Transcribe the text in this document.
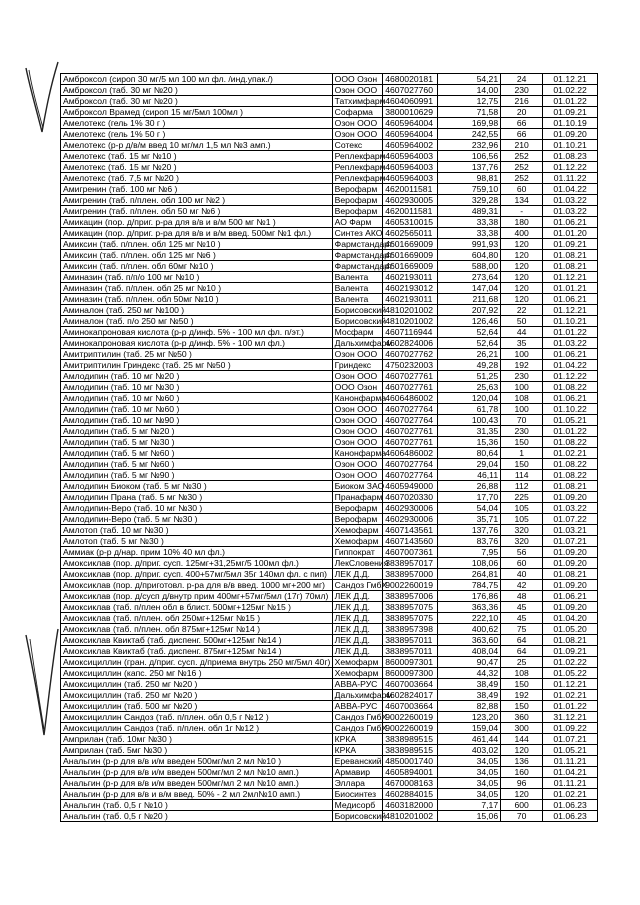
Амброксол (сироп 30 мг/5 мл 100 мл фл. /инд.упак./)	ООО Озон	4680020181	54,21	24	01.12.21
Амброксол (таб. 30 мг №20 )	Озон ООО	4607027760	14,00	230	01.02.22
Амброксол (таб. 30 мг №20 )	Татхимфарм	4604060991	12,75	216	01.01.22
Амброксол Врамед (сироп 15 мг/5мл 100мл )	Софарма	3800010629	71,58	20	01.09.21
Амелотекс (гель 1% 30 г )	Озон ООО	4605964004	169,98	66	01.10.19
Амелотекс (гель 1% 50 г )	Озон ООО	4605964004	242,55	66	01.09.20
Амелотекс (р-р д/в/м введ 10 мг/мл 1,5 мл №3 амп.)	Сотекс	4605964002	232,96	210	01.10.21
Амелотекс (таб. 15 мг №10 )	Реплекфарм	4605964003	106,56	252	01.08.23
Амелотекс (таб. 15 мг №20 )	Реплекфарм	4605964003	137,76	252	01.12.22
Амелотекс (таб. 7,5 мг №20 )	Реплекфарм	4605964003	98,81	252	01.11.22
Амигренин (таб. 100 мг №6 )	Верофарм	4620011581	759,10	60	01.04.22
Амигренин (таб. п/плен. обл 100 мг №2 )	Верофарм	4602930005	329,28	134	01.03.22
Амигренин (таб. п/плен. обл 50 мг №6 )	Верофарм	4620011581	489,31	-	01.03.22
Амикацин (пор. д/приг. р-ра для в/в и в/м 500 мг №1 )	АО Фарм	4605310015	33,38	180	01.06.21
Амикацин (пор. д/приг. р-ра для в/в и в/м введ. 500мг №1 фл.)	Синтез АКО	4602565011	33,38	400	01.01.20
Амиксин (таб. п/плен. обл 125 мг №10 )	Фармстандарт	4601669009	991,93	120	01.09.21
Амиксин (таб. п/плен. обл 125 мг №6 )	Фармстандарт	4601669009	604,80	120	01.08.21
Амиксин (таб. п/плен. обл 60мг №10 )	Фармстандарт	4601669009	588,00	120	01.08.21
Аминазин (таб. п/п/о 100 мг №10 )	Валента	4602193011	273,64	120	01.12.21
Аминазин (таб. п/плен. обл 25 мг №10 )	Валента	4602193012	147,04	120	01.01.21
Аминазин (таб. п/плен. обл 50мг №10 )	Валента	4602193011	211,68	120	01.06.21
Аминалон (таб. 250 мг №100 )	Борисовский	4810201002	207,92	22	01.12.21
Аминалон (таб. п/о 250 мг №50 )	Борисовский	4810201002	126,46	50	01.10.21
Аминокапроновая кислота (р-р д/инф. 5% - 100 мл фл. п/эт.)	Мосфарм	4607116944	52,64	44	01.01.22
Аминокапроновая кислота (р-р д/инф. 5% - 100 мл фл.)	Дальхимфарм	4602824006	52,64	35	01.03.22
Амитриптилин (таб. 25 мг №50 )	Озон ООО	4607027762	26,21	100	01.06.21
Амитриптилин Гриндекс (таб. 25 мг №50 )	Гриндекс	4750232003	49,28	192	01.04.22
Амлодипин (таб. 10 мг №20 )	Озон ООО	4607027761	51,25	230	01.12.22
Амлодипин (таб. 10 мг №30 )	ООО Озон	4607027761	25,63	100	01.08.22
Амлодипин (таб. 10 мг №60 )	Канонфарма	4606486002	120,04	108	01.06.21
Амлодипин (таб. 10 мг №60 )	Озон ООО	4607027764	61,78	100	01.10.22
Амлодипин (таб. 10 мг №90 )	Озон ООО	4607027764	100,43	70	01.05.21
Амлодипин (таб. 5 мг №20 )	Озон ООО	4607027761	31,35	230	01.01.22
Амлодипин (таб. 5 мг №30 )	Озон ООО	4607027761	15,36	150	01.08.22
Амлодипин (таб. 5 мг №60 )	Канонфарма	4606486002	80,64	1	01.02.21
Амлодипин (таб. 5 мг №60 )	Озон ООО	4607027764	29,04	150	01.08.22
Амлодипин (таб. 5 мг №90 )	Озон ООО	4607027764	46,11	114	01.08.22
Амлодипин Биоком (таб. 5 мг №30 )	Биоком ЗАО	4605949000	26,88	112	01.08.21
Амлодипин Прана (таб. 5 мг №30 )	Пранафарм	4607020330	17,70	225	01.09.20
Амлодипин-Веро (таб. 10 мг №30 )	Верофарм	4602930006	54,04	105	01.03.22
Амлодипин-Веро (таб. 5 мг №30 )	Верофарм	4602930006	35,71	105	01.07.22
Амлотоп (таб. 10 мг №30 )	Хемофарм	4607143561	137,76	320	01.03.21
Амлотоп (таб. 5 мг №30 )	Хемофарм	4607143560	83,76	320	01.07.21
Аммиак (р-р д/нар. прим 10% 40 мл фл.)	Гиппократ	4607007361	7,95	56	01.09.20
Амоксиклав (пор. д/приг. сусп. 125мг+31,25мг/5 100мл фл.)	ЛекСловения	3838957017	108,06	60	01.09.20
Амоксиклав (пор. д/приг. сусп. 400+57мг/5мл 35г 140мл фл. с пип)	ЛЕК Д.Д.	3838957000	264,81	40	01.08.21
Амоксиклав (пор. д/приготовл. р-ра для в/в введ. 1000 мг+200 мг)	Сандоз ГмбХ	9002260019	784,75	42	01.09.20
Амоксиклав (пор. д/сусп д/внутр прим 400мг+57мг/5мл (17г) 70мл)	ЛЕК Д.Д.	3838957006	176,86	48	01.06.21
Амоксиклав (таб. п/плен обл в блист. 500мг+125мг №15 )	ЛЕК Д.Д.	3838957075	363,36	45	01.09.20
Амоксиклав (таб. п/плен. обл 250мг+125мг №15 )	ЛЕК Д.Д.	3838957075	222,10	45	01.04.20
Амоксиклав (таб. п/плен. обл 875мг+125мг №14 )	ЛЕК Д.Д.	3838957398	400,62	75	01.05.20
Амоксиклав Квиктаб (таб. диспенг. 500мг+125мг №14 )	ЛЕК Д.Д.	3838957011	363,60	64	01.08.21
Амоксиклав Квиктаб (таб. диспенг. 875мг+125мг №14 )	ЛЕК Д.Д.	3838957011	408,04	64	01.09.21
Амоксициллин (гран. д/приг. сусп. д/приема внутрь 250 мг/5мл 40г)	Хемофарм	8600097301	90,47	25	01.02.22
Амоксициллин (капс. 250 мг №16 )	Хемофарм	8600097300	44,32	108	01.05.22
Амоксициллин (таб. 250 мг №20 )	АВВА-РУС	4607003664	38,49	150	01.12.21
Амоксициллин (таб. 250 мг №20 )	Дальхимфарм	4602824017	38,49	192	01.02.21
Амоксициллин (таб. 500 мг №20 )	АВВА-РУС	4607003664	82,88	150	01.01.22
Амоксициллин Сандоз (таб. п/плен. обл 0,5 г №12 )	Сандоз ГмбХ	9002260019	123,20	360	31.12.21
Амоксициллин Сандоз (таб. п/плен. обл 1г №12 )	Сандоз ГмбХ	9002260019	159,04	300	01.09.22
Амприлан (таб. 10мг №30 )	КРКА	3838989515	461,44	144	01.07.21
Амприлан (таб. 5мг №30 )	КРКА	3838989515	403,02	120	01.05.21
Анальгин (р-р для в/в и/м введен 500мг/мл 2 мл №10 )	Ереванский	4850001740	34,05	136	01.11.21
Анальгин (р-р для в/в и/м введен 500мг/мл 2 мл №10 амп.)	Армавир	4605894001	34,05	160	01.04.21
Анальгин (р-р для в/в и/м введен 500мг/мл 2 мл №10 амп.)	Эллара	4670008163	34,05	96	01.11.21
Анальгин (р-р для в/в и в/м введ. 50% - 2 мл 2мл№10 амп.)	Биосинтез	4602884015	34,05	120	01.02.21
Анальгин (таб. 0,5 г №10 )	Медисорб	4603182000	7,17	600	01.06.23
Анальгин (таб. 0,5 г №20 )	Борисовский	4810201002	15,06	70	01.06.23
